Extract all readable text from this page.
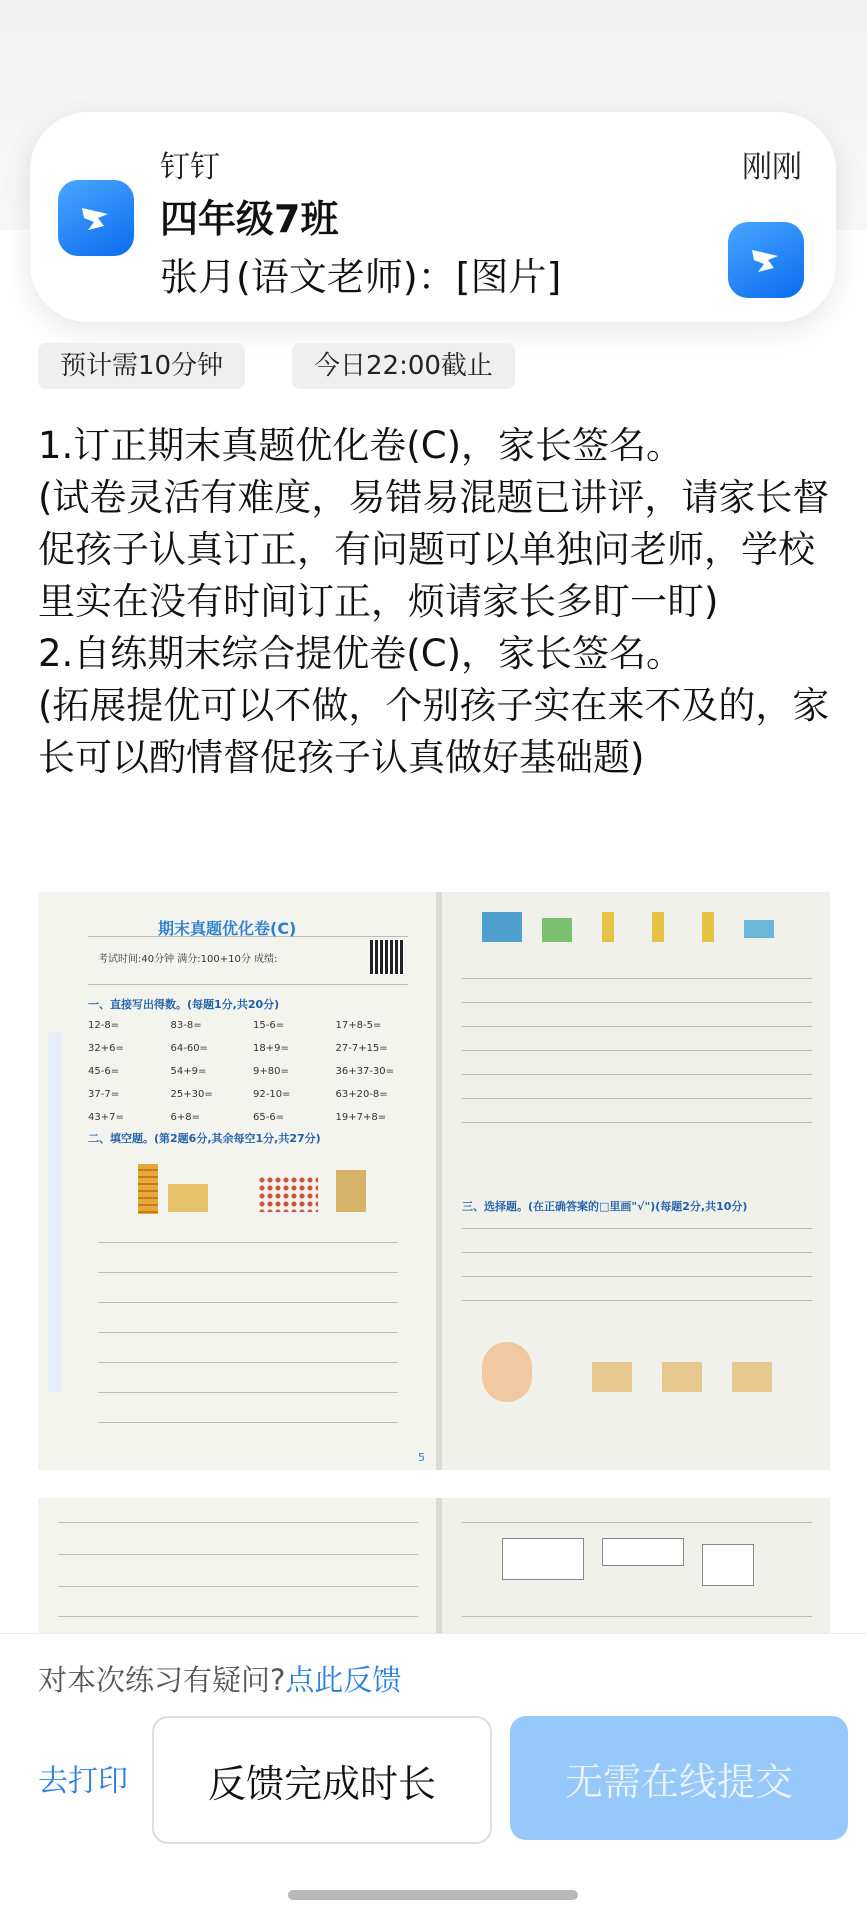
钉钉	刚刚
四年级7班
张月(语文老师)：[图片]
预计需10分钟	今日22:00截止

1.订正期末真题优化卷(C)，家长签名。

(试卷灵活有难度，易错易混题已讲评，请家长督促孩子认真订正，有问题可以单独问老师，学校里实在没有时间订正，烦请家长多盯一盯)

2.自练期末综合提优卷(C)，家长签名。

(拓展提优可以不做，个别孩子实在来不及的，家长可以酌情督促孩子认真做好基础题)

期末真题优化卷(C)
考试时间:40分钟 满分:100+10分 成绩:
一、直接写出得数。(每题1分,共20分)
12-8=	83-8=	15-6=	17+8-5=
32+6=	64-60=	18+9=	27-7+15=
45-6=	54+9=	9+80=	36+37-30=
37-7=	25+30=	92-10=	63+20-8=
43+7=	6+8=	65-6=	19+7+8=
二、填空题。(第2题6分,其余每空1分,共27分)
三、选择题。(在正确答案的□里画"√")(每题2分,共10分)
5
对本次练习有疑问?点此反馈
去打印	反馈完成时长	无需在线提交
